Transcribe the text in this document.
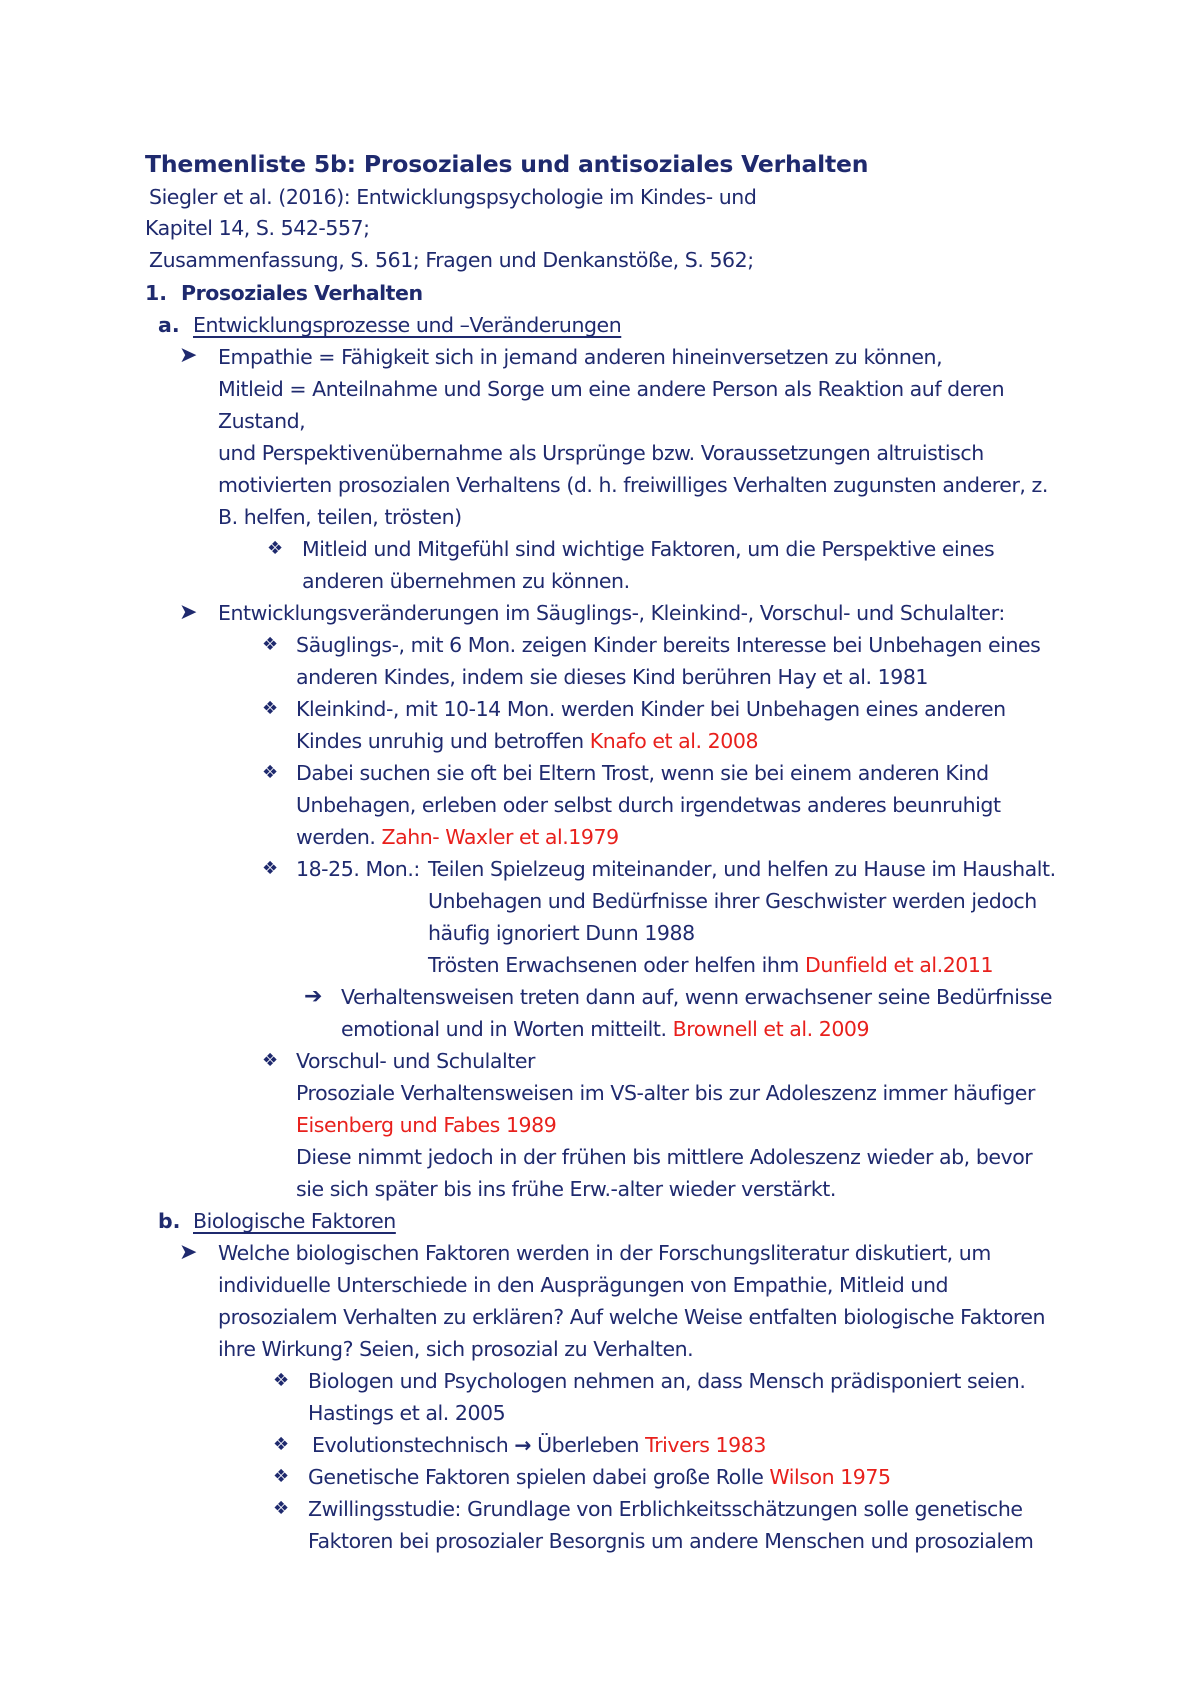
Themenliste 5b: Prosoziales und antisoziales Verhalten
Siegler et al. (2016): Entwicklungspsychologie im Kindes- und
Kapitel 14, S. 542-557;
Zusammenfassung, S. 561; Fragen und Denkanstöße, S. 562;
1. Prosoziales Verhalten
a. Entwicklungsprozesse und –Veränderungen
➤ Empathie = Fähigkeit sich in jemand anderen hineinversetzen zu können,
Mitleid = Anteilnahme und Sorge um eine andere Person als Reaktion auf deren
Zustand,
und Perspektivenübernahme als Ursprünge bzw. Voraussetzungen altruistisch
motivierten prosozialen Verhaltens (d. h. freiwilliges Verhalten zugunsten anderer, z.
B. helfen, teilen, trösten)
❖ Mitleid und Mitgefühl sind wichtige Faktoren, um die Perspektive eines
anderen übernehmen zu können.
➤ Entwicklungsveränderungen im Säuglings-, Kleinkind-, Vorschul- und Schulalter:
❖ Säuglings-, mit 6 Mon. zeigen Kinder bereits Interesse bei Unbehagen eines
anderen Kindes, indem sie dieses Kind berühren Hay et al. 1981
❖ Kleinkind-, mit 10-14 Mon. werden Kinder bei Unbehagen eines anderen
Kindes unruhig und betroffen Knafo et al. 2008
❖ Dabei suchen sie oft bei Eltern Trost, wenn sie bei einem anderen Kind
Unbehagen, erleben oder selbst durch irgendetwas anderes beunruhigt
werden. Zahn- Waxler et al.1979
❖ 18-25. Mon.: Teilen Spielzeug miteinander, und helfen zu Hause im Haushalt.
Unbehagen und Bedürfnisse ihrer Geschwister werden jedoch
häufig ignoriert Dunn 1988
Trösten Erwachsenen oder helfen ihm Dunfield et al.2011
➔ Verhaltensweisen treten dann auf, wenn erwachsener seine Bedürfnisse
emotional und in Worten mitteilt. Brownell et al. 2009
❖ Vorschul- und Schulalter
Prosoziale Verhaltensweisen im VS-alter bis zur Adoleszenz immer häufiger
Eisenberg und Fabes 1989
Diese nimmt jedoch in der frühen bis mittlere Adoleszenz wieder ab, bevor
sie sich später bis ins frühe Erw.-alter wieder verstärkt.
b. Biologische Faktoren
➤ Welche biologischen Faktoren werden in der Forschungsliteratur diskutiert, um
individuelle Unterschiede in den Ausprägungen von Empathie, Mitleid und
prosozialem Verhalten zu erklären? Auf welche Weise entfalten biologische Faktoren
ihre Wirkung? Seien, sich prosozial zu Verhalten.
❖ Biologen und Psychologen nehmen an, dass Mensch prädisponiert seien.
Hastings et al. 2005
❖ Evolutionstechnisch → Überleben Trivers 1983
❖ Genetische Faktoren spielen dabei große Rolle Wilson 1975
❖ Zwillingsstudie: Grundlage von Erblichkeitsschätzungen solle genetische
Faktoren bei prosozialer Besorgnis um andere Menschen und prosozialem
